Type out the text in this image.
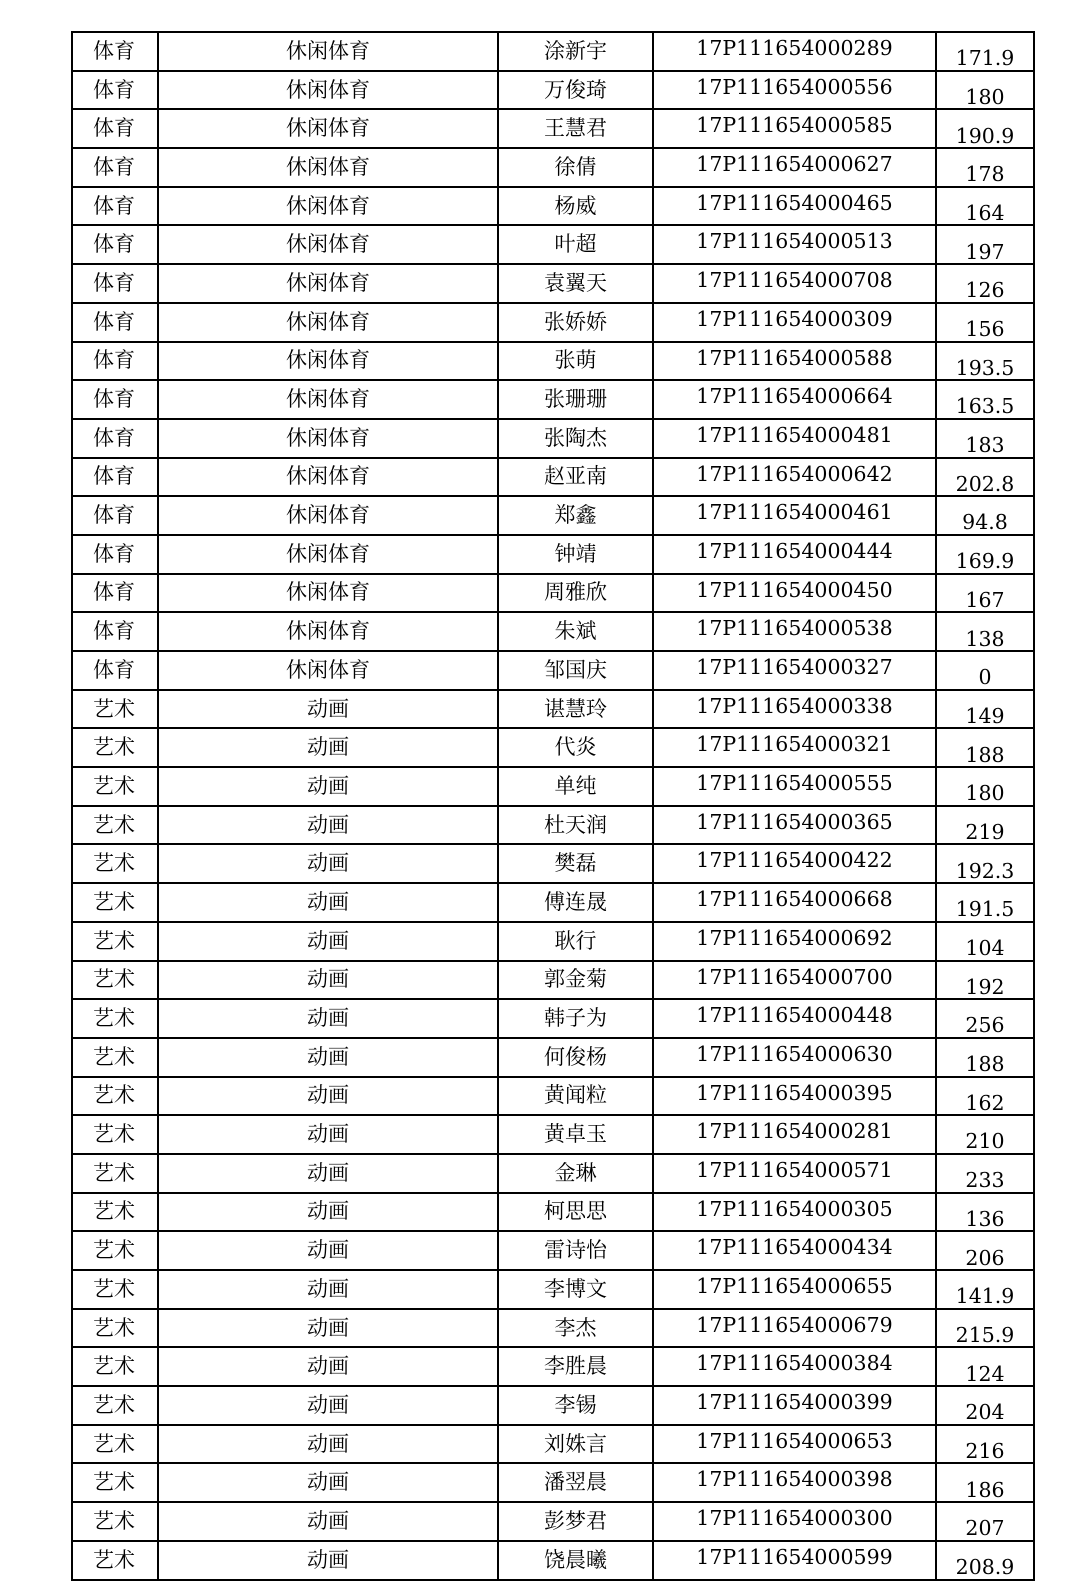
体育	休闲体育	涂新宇	17P111654000289	171.9
体育	休闲体育	万俊琦	17P111654000556	180
体育	休闲体育	王慧君	17P111654000585	190.9
体育	休闲体育	徐倩	17P111654000627	178
体育	休闲体育	杨威	17P111654000465	164
体育	休闲体育	叶超	17P111654000513	197
体育	休闲体育	袁翼天	17P111654000708	126
体育	休闲体育	张娇娇	17P111654000309	156
体育	休闲体育	张萌	17P111654000588	193.5
体育	休闲体育	张珊珊	17P111654000664	163.5
体育	休闲体育	张陶杰	17P111654000481	183
体育	休闲体育	赵亚南	17P111654000642	202.8
体育	休闲体育	郑鑫	17P111654000461	94.8
体育	休闲体育	钟靖	17P111654000444	169.9
体育	休闲体育	周雅欣	17P111654000450	167
体育	休闲体育	朱斌	17P111654000538	138
体育	休闲体育	邹国庆	17P111654000327	0
艺术	动画	谌慧玲	17P111654000338	149
艺术	动画	代炎	17P111654000321	188
艺术	动画	单纯	17P111654000555	180
艺术	动画	杜天润	17P111654000365	219
艺术	动画	樊磊	17P111654000422	192.3
艺术	动画	傅连晟	17P111654000668	191.5
艺术	动画	耿行	17P111654000692	104
艺术	动画	郭金菊	17P111654000700	192
艺术	动画	韩子为	17P111654000448	256
艺术	动画	何俊杨	17P111654000630	188
艺术	动画	黄闻粒	17P111654000395	162
艺术	动画	黄卓玉	17P111654000281	210
艺术	动画	金琳	17P111654000571	233
艺术	动画	柯思思	17P111654000305	136
艺术	动画	雷诗怡	17P111654000434	206
艺术	动画	李博文	17P111654000655	141.9
艺术	动画	李杰	17P111654000679	215.9
艺术	动画	李胜晨	17P111654000384	124
艺术	动画	李锡	17P111654000399	204
艺术	动画	刘姝言	17P111654000653	216
艺术	动画	潘翌晨	17P111654000398	186
艺术	动画	彭梦君	17P111654000300	207
艺术	动画	饶晨曦	17P111654000599	208.9
